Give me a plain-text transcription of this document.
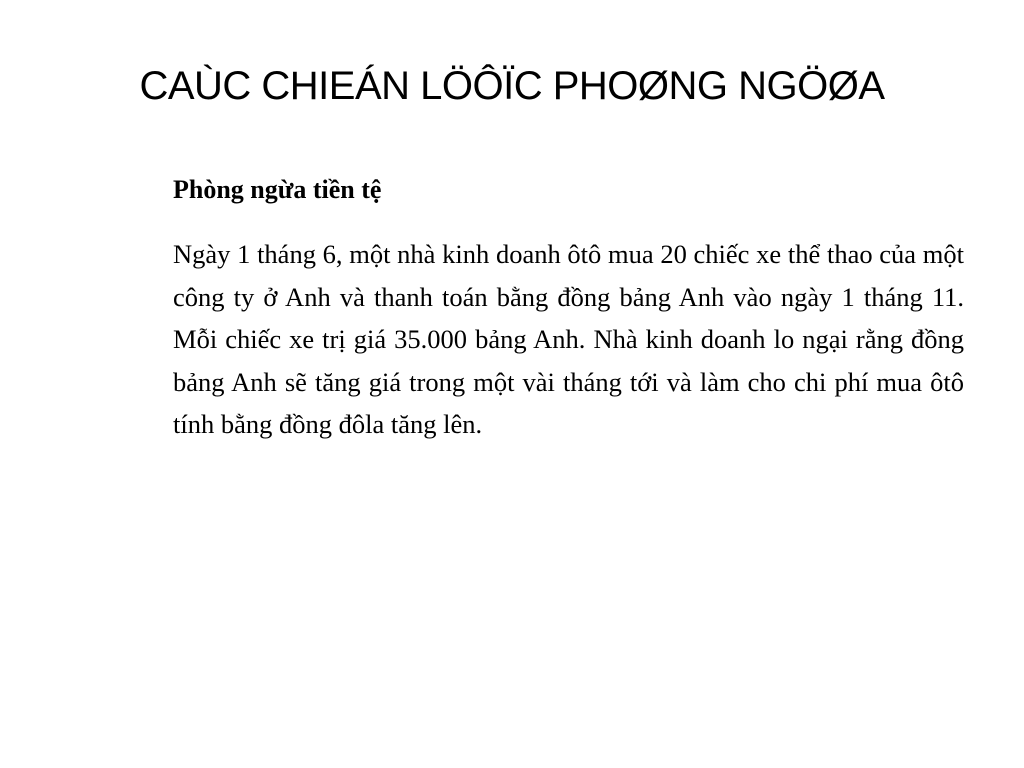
CAÙC CHIEÁN LÖÔÏC PHOØNG NGÖØA

Phòng ngừa tiền tệ

Ngày 1 tháng 6, một nhà kinh doanh ôtô mua 20 chiếc xe thể thao của một công ty ở Anh và thanh toán bằng đồng bảng Anh vào ngày 1 tháng 11. Mỗi chiếc xe trị giá 35.000 bảng Anh. Nhà kinh doanh lo ngại rằng đồng bảng Anh sẽ tăng giá trong một vài tháng tới và làm cho chi phí mua ôtô tính bằng đồng đôla tăng lên.
